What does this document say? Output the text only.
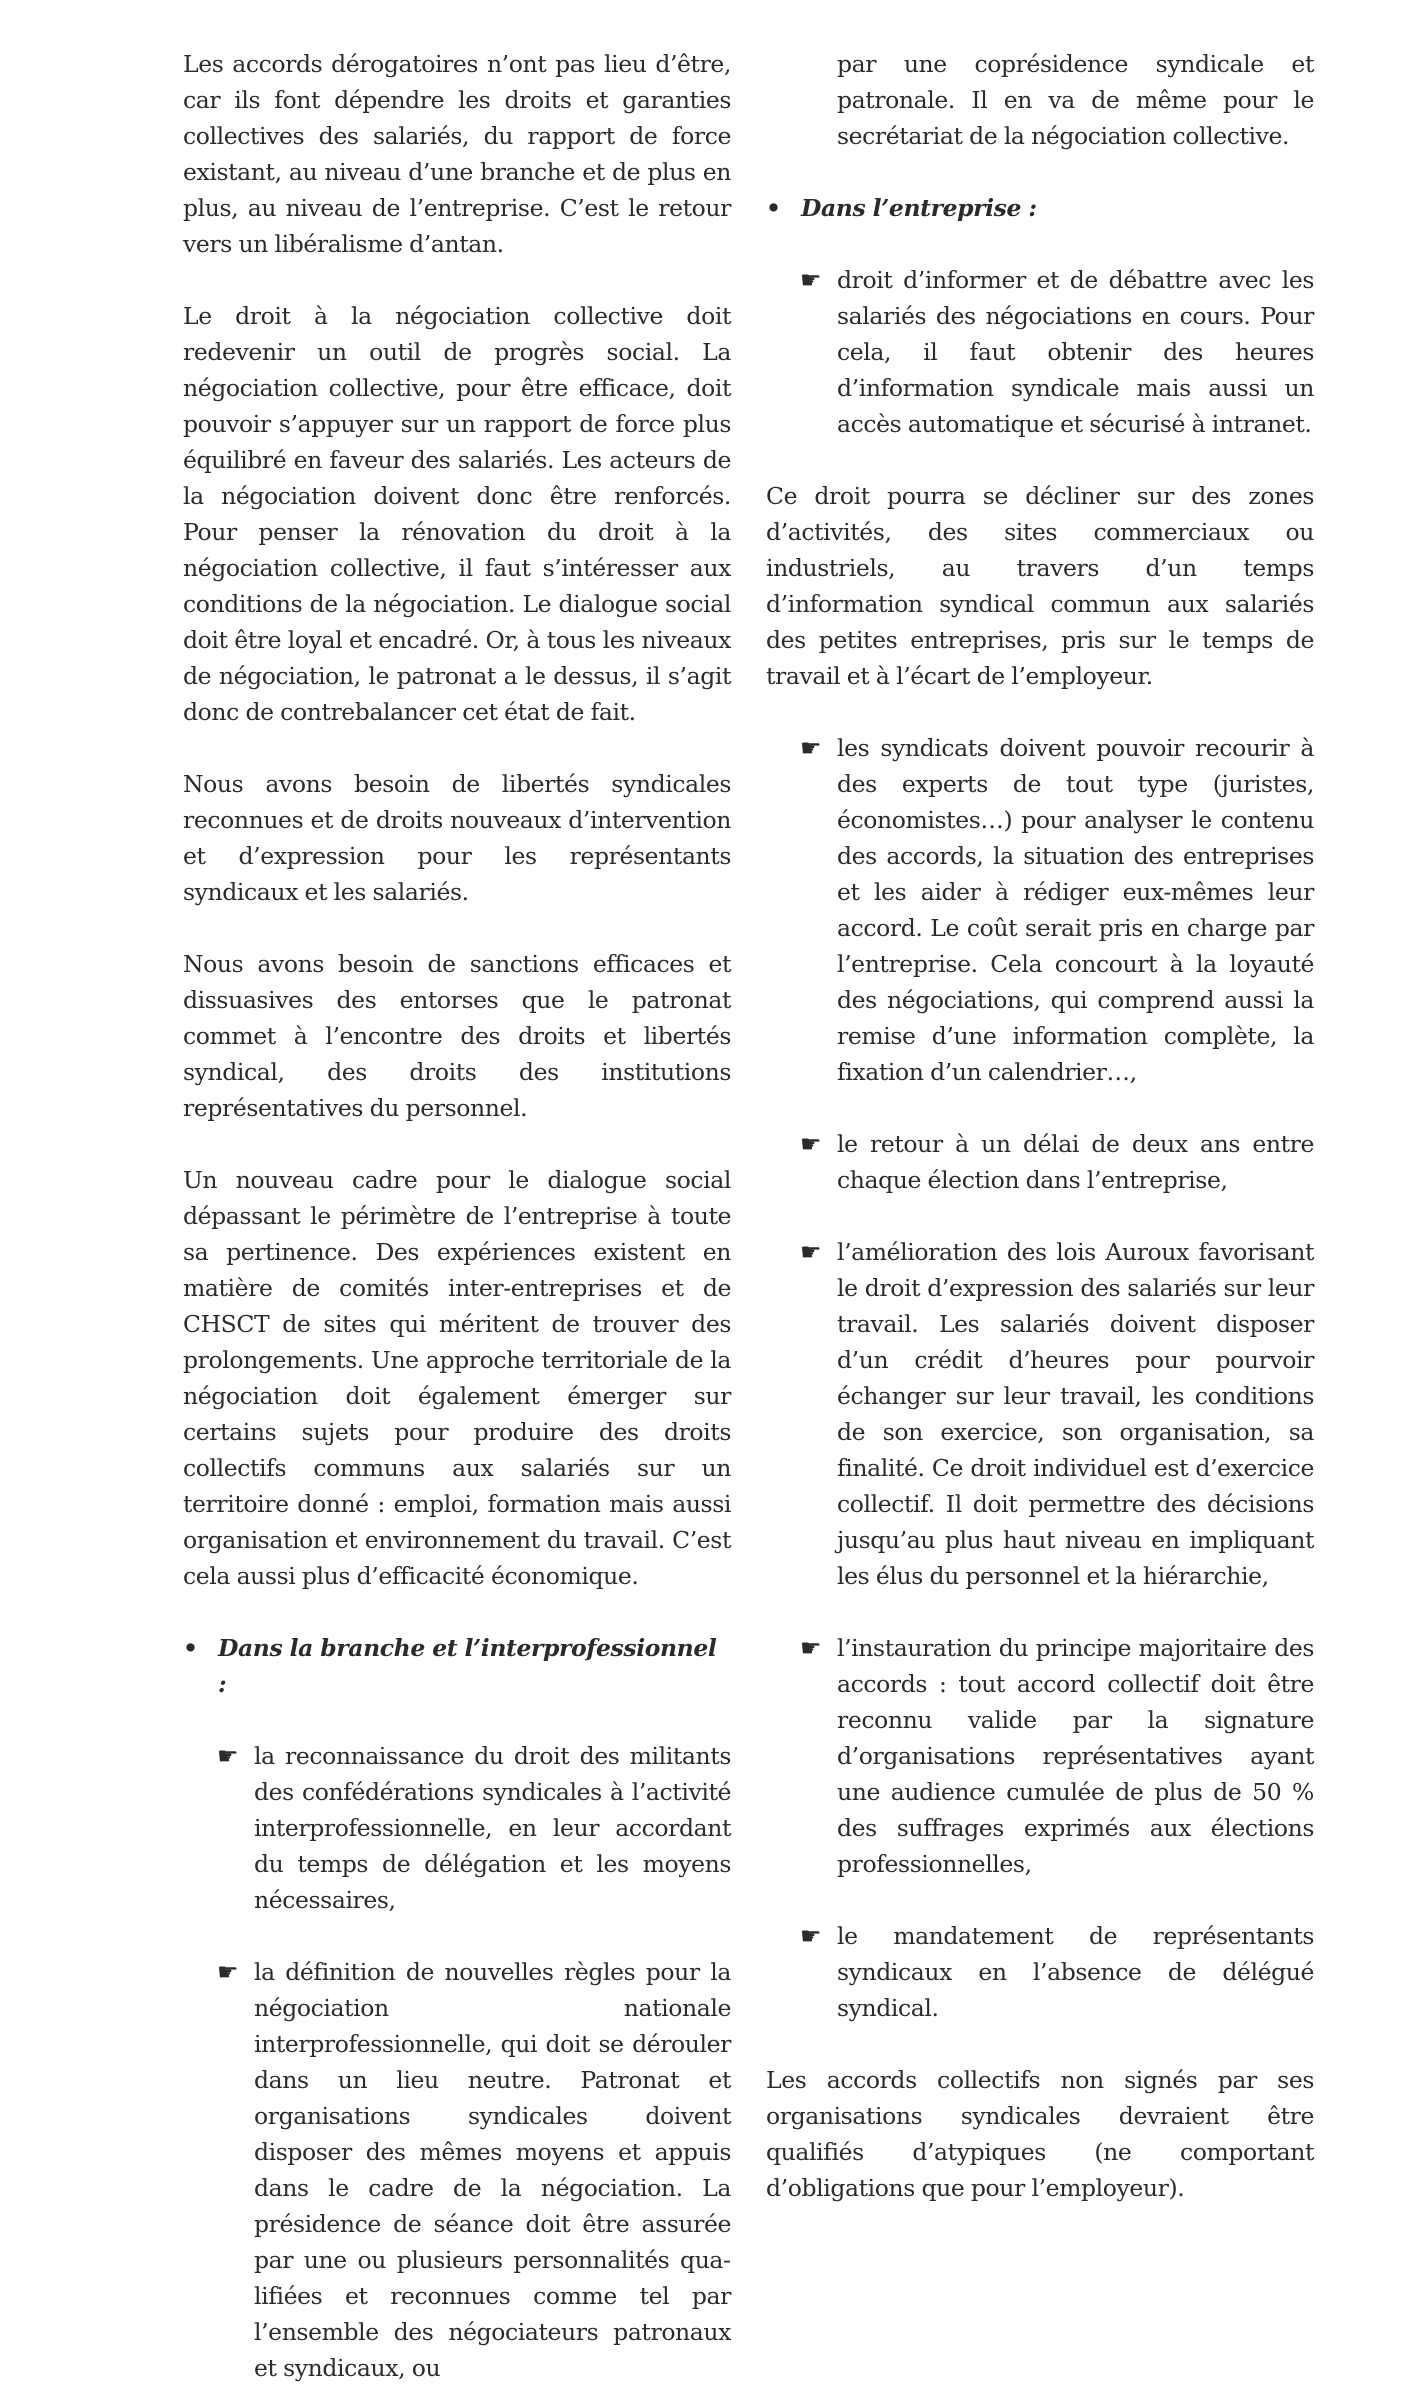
Les accords dérogatoires n’ont pas lieu d’être, car ils font dépendre les droits et garanties collectives des salariés, du rapport de force existant, au niveau d’une branche et de plus en plus, au niveau de l’entreprise. C’est le retour vers un libéralisme d’antan.

Le droit à la négociation collective doit redevenir un outil de progrès social. La négociation collective, pour être efficace, doit pouvoir s’appuyer sur un rapport de force plus équilibré en faveur des salariés. Les acteurs de la négociation doivent donc être renforcés. Pour penser la rénovation du droit à la négociation collective, il faut s’intéresser aux conditions de la négociation. Le dialogue social doit être loyal et encadré. Or, à tous les niveaux de négociation, le patronat a le dessus, il s’agit donc de contrebalancer cet état de fait.

Nous avons besoin de libertés syndicales reconnues et de droits nouveaux d’intervention et d’expression pour les représentants syndicaux et les salariés.

Nous avons besoin de sanctions efficaces et dissuasives des entorses que le patronat commet à l’encontre des droits et libertés syndical, des droits des institutions représentatives du personnel.

Un nouveau cadre pour le dialogue social dépassant le périmètre de l’entreprise à toute sa pertinence. Des expériences existent en matière de comités inter-entreprises et de CHSCT de sites qui méritent de trouver des prolongements. Une approche territoriale de la négociation doit également émerger sur certains sujets pour produire des droits collectifs communs aux salariés sur un territoire donné : emploi, formation mais aussi organisation et environnement du travail. C’est cela aussi plus d’efficacité économique.

• Dans la branche et l’interprofessionnel :
☛ la reconnaissance du droit des militants des confédérations syndicales à l’activité interprofessionnelle, en leur accordant du temps de délégation et les moyens nécessaires,
☛ la définition de nouvelles règles pour la négociation nationale interprofessionnelle, qui doit se dérouler dans un lieu neutre. Patronat et organisations syndicales doivent disposer des mêmes moyens et appuis dans le cadre de la négociation. La présidence de séance doit être assurée par une ou plusieurs personnalités qualifiées et reconnues comme tel par l’ensemble des négociateurs patronaux et syndicaux, ou

par une coprésidence syndicale et patronale. Il en va de même pour le secrétariat de la négociation collective.

• Dans l’entreprise :
☛ droit d’informer et de débattre avec les salariés des négociations en cours. Pour cela, il faut obtenir des heures d’information syndicale mais aussi un accès automatique et sécurisé à intranet.

Ce droit pourra se décliner sur des zones d’activités, des sites commerciaux ou industriels, au travers d’un temps d’information syndical commun aux salariés des petites entreprises, pris sur le temps de travail et à l’écart de l’employeur.

☛ les syndicats doivent pouvoir recourir à des experts de tout type (juristes, économistes…) pour analyser le contenu des accords, la situation des entreprises et les aider à rédiger eux-mêmes leur accord. Le coût serait pris en charge par l’entreprise. Cela concourt à la loyauté des négociations, qui comprend aussi la remise d’une information complète, la fixation d’un calendrier…,
☛ le retour à un délai de deux ans entre chaque élection dans l’entreprise,
☛ l’amélioration des lois Auroux favorisant le droit d’expression des salariés sur leur travail. Les salariés doivent disposer d’un crédit d’heures pour pourvoir échanger sur leur travail, les conditions de son exercice, son organisation, sa finalité. Ce droit individuel est d’exercice collectif. Il doit permettre des décisions jusqu’au plus haut niveau en impliquant les élus du personnel et la hiérarchie,
☛ l’instauration du principe majoritaire des accords : tout accord collectif doit être reconnu valide par la signature d’organisations représentatives ayant une audience cumulée de plus de 50 % des suffrages exprimés aux élections professionnelles,
☛ le mandatement de représentants syndicaux en l’absence de délégué syndical.

Les accords collectifs non signés par ses organisations syndicales devraient être qualifiés d’atypiques (ne comportant d’obligations que pour l’employeur).
